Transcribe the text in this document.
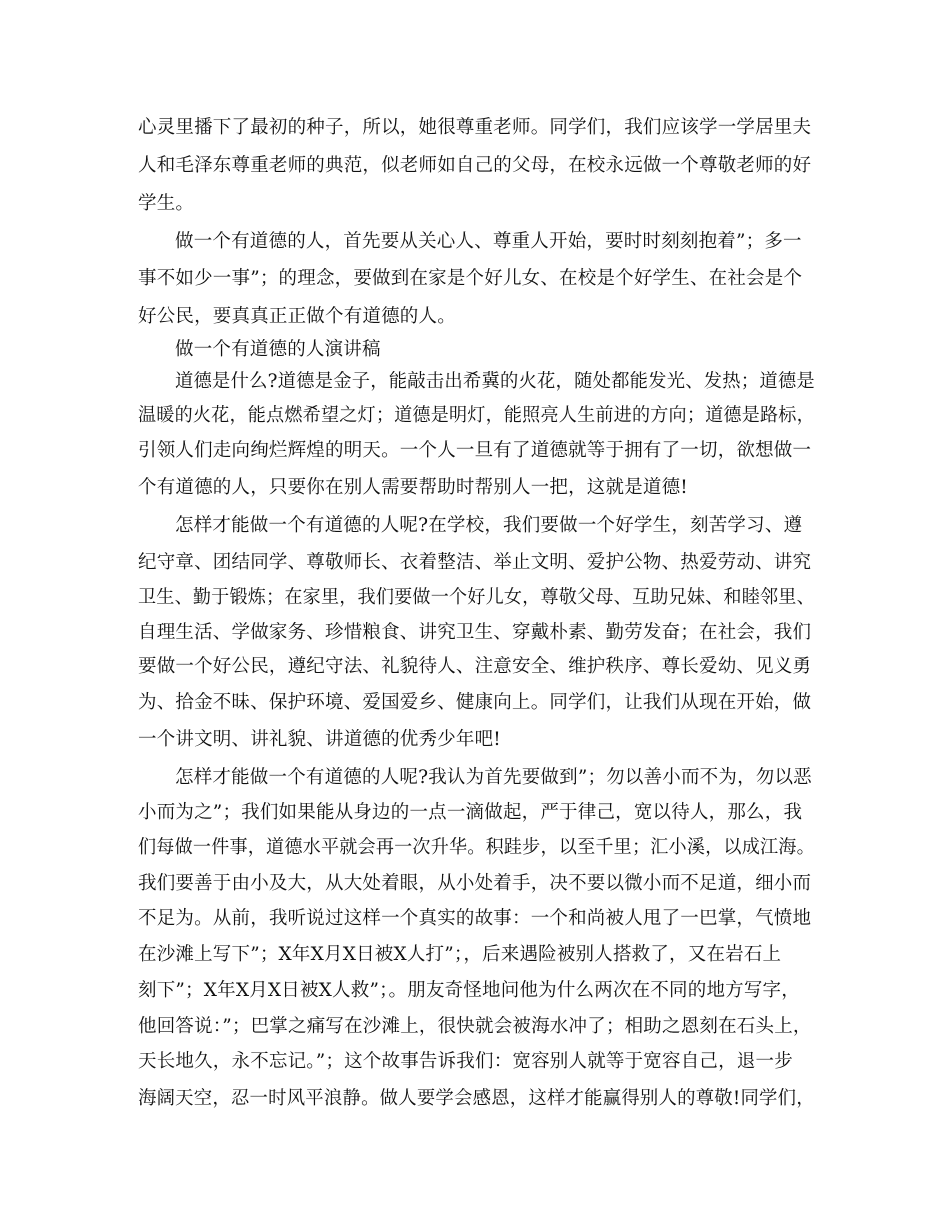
心灵里播下了最初的种子，所以，她很尊重老师。同学们，我们应该学一学居里夫
人和毛泽东尊重老师的典范，似老师如自己的父母，在校永远做一个尊敬老师的好
学生。
做一个有道德的人，首先要从关心人、尊重人开始，要时时刻刻抱着”；多一
事不如少一事”；的理念，要做到在家是个好儿女、在校是个好学生、在社会是个
好公民，要真真正正做个有道德的人。
做一个有道德的人演讲稿
道德是什么?道德是金子，能敲击出希冀的火花，随处都能发光、发热；道德是
温暖的火花，能点燃希望之灯；道德是明灯，能照亮人生前进的方向；道德是路标，
引领人们走向绚烂辉煌的明天。一个人一旦有了道德就等于拥有了一切，欲想做一
个有道德的人，只要你在别人需要帮助时帮别人一把，这就是道德!
怎样才能做一个有道德的人呢?在学校，我们要做一个好学生，刻苦学习、遵
纪守章、团结同学、尊敬师长、衣着整洁、举止文明、爱护公物、热爱劳动、讲究
卫生、勤于锻炼；在家里，我们要做一个好儿女，尊敬父母、互助兄妹、和睦邻里、
自理生活、学做家务、珍惜粮食、讲究卫生、穿戴朴素、勤劳发奋；在社会，我们
要做一个好公民，遵纪守法、礼貌待人、注意安全、维护秩序、尊长爱幼、见义勇
为、拾金不昧、保护环境、爱国爱乡、健康向上。同学们，让我们从现在开始，做
一个讲文明、讲礼貌、讲道德的优秀少年吧!
怎样才能做一个有道德的人呢?我认为首先要做到”；勿以善小而不为，勿以恶
小而为之”；我们如果能从身边的一点一滴做起，严于律己，宽以待人，那么，我
们每做一件事，道德水平就会再一次升华。积跬步，以至千里；汇小溪，以成江海。
我们要善于由小及大，从大处着眼，从小处着手，决不要以微小而不足道，细小而
不足为。从前，我听说过这样一个真实的故事：一个和尚被人甩了一巴掌，气愤地
在沙滩上写下”；X年X月X日被X人打”；，后来遇险被别人搭救了，又在岩石上
刻下”；X年X月X日被X人救”；。朋友奇怪地问他为什么两次在不同的地方写字，
他回答说：”；巴掌之痛写在沙滩上，很快就会被海水冲了；相助之恩刻在石头上，
天长地久，永不忘记。”；这个故事告诉我们：宽容别人就等于宽容自己，退一步
海阔天空，忍一时风平浪静。做人要学会感恩，这样才能赢得别人的尊敬!同学们，
